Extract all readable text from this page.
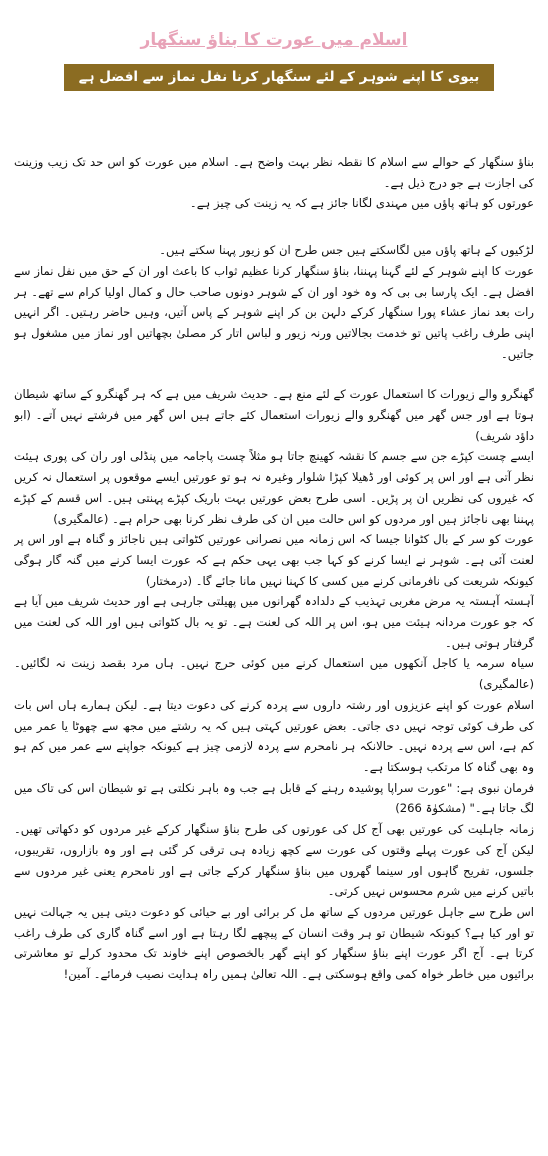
اسلام میں عورت کا بناؤ سنگھار
بیوی کا اپنے شوہر کے لئے سنگھار کرنا نفل نماز سے افضل ہے

بناؤ سنگھار کے حوالے سے اسلام کا نقطہ نظر بہت واضح ہے۔ اسلام میں عورت کو اس حد تک زیب وزینت کی اجازت ہے جو درج ذیل ہے۔

عورتوں کو ہاتھ پاؤں میں مہندی لگانا جائز ہے کہ یہ زینت کی چیز ہے۔

لڑکیوں کے ہاتھ پاؤں میں لگاسکتے ہیں جس طرح ان کو زیور پہنا سکتے ہیں۔

عورت کا اپنے شوہر کے لئے گہنا پہننا، بناؤ سنگھار کرنا عظیم ثواب کا باعث اور ان کے حق میں نفل نماز سے افضل ہے۔ ایک پارسا بی بی کہ وہ خود اور ان کے شوہر دونوں صاحب حال و کمال اولیا کرام سے تھے۔ ہر رات بعد نماز عشاء پورا سنگھار کرکے دلہن بن کر اپنے شوہر کے پاس آتیں، وہیں حاضر رہتیں۔ اگر انہیں اپنی طرف راغب پاتیں تو خدمت بجالاتیں ورنہ زیور و لباس اتار کر مصلیٰ بچھاتیں اور نماز میں مشغول ہو جاتیں۔

گھنگرو والے زیورات کا استعمال عورت کے لئے منع ہے۔ حدیث شریف میں ہے کہ ہر گھنگرو کے ساتھ شیطان ہوتا ہے اور جس گھر میں گھنگرو والے زیورات استعمال کئے جاتے ہیں اس گھر میں فرشتے نہیں آتے۔ (ابو داؤد شریف)

ایسے چست کپڑے جن سے جسم کا نقشہ کھینچ جاتا ہو مثلاً چست پاجامہ میں پنڈلی اور ران کی پوری ہیئت نظر آتی ہے اور اس پر کوئی اور ڈھیلا کپڑا شلوار وغیرہ نہ ہو تو عورتیں ایسے موقعوں پر استعمال نہ کریں کہ غیروں کی نظریں ان پر پڑیں۔ اسی طرح بعض عورتیں بہت باریک کپڑے پہنتی ہیں۔ اس قسم کے کپڑے پہننا بھی ناجائز ہیں اور مردوں کو اس حالت میں ان کی طرف نظر کرنا بھی حرام ہے۔ (عالمگیری)

عورت کو سر کے بال کٹوانا جیسا کہ اس زمانہ میں نصرانی عورتیں کٹواتی ہیں ناجائز و گناہ ہے اور اس پر لعنت آئی ہے۔ شوہر نے ایسا کرنے کو کہا جب بھی یہی حکم ہے کہ عورت ایسا کرنے میں گنہ گار ہوگی کیونکہ شریعت کی نافرمانی کرنے میں کسی کا کہنا نہیں مانا جائے گا۔ (درمختار)

آہستہ آہستہ یہ مرض مغربی تہذیب کے دلدادہ گھرانوں میں پھیلتی جارہی ہے اور حدیث شریف میں آیا ہے کہ جو عورت مردانہ ہیئت میں ہو، اس پر اللہ کی لعنت ہے۔ تو یہ بال کٹواتی ہیں اور اللہ کی لعنت میں گرفتار ہوتی ہیں۔

سیاہ سرمہ یا کاجل آنکھوں میں استعمال کرنے میں کوئی حرج نہیں۔ ہاں مرد بقصد زینت نہ لگائیں۔ (عالمگیری)

اسلام عورت کو اپنے عزیزوں اور رشتہ داروں سے پردہ کرنے کی دعوت دیتا ہے۔ لیکن ہمارے ہاں اس بات کی طرف کوئی توجہ نہیں دی جاتی۔ بعض عورتیں کہتی ہیں کہ یہ رشتے میں مجھ سے چھوٹا یا عمر میں کم ہے، اس سے پردہ نہیں۔ حالانکہ ہر نامحرم سے پردہ لازمی چیز ہے کیونکہ جواپنے سے عمر میں کم ہو وہ بھی گناہ کا مرتکب ہوسکتا ہے۔

فرمان نبوی ہے: "عورت سراپا پوشیدہ رہنے کے قابل ہے جب وہ باہر نکلتی ہے تو شیطان اس کی تاک میں لگ جاتا ہے۔" (مشکوٰۃ 266)

زمانہ جاہلیت کی عورتیں بھی آج کل کی عورتوں کی طرح بناؤ سنگھار کرکے غیر مردوں کو دکھاتی تھیں۔ لیکن آج کی عورت پہلے وقتوں کی عورت سے کچھ زیادہ ہی ترقی کر گئی ہے اور وہ بازاروں، تقریبوں، جلسوں، تفریح گاہوں اور سینما گھروں میں بناؤ سنگھار کرکے جاتی ہے اور نامحرم یعنی غیر مردوں سے باتیں کرنے میں شرم محسوس نہیں کرتی۔

اس طرح سے جاہل عورتیں مردوں کے ساتھ مل کر برائی اور بے حیائی کو دعوت دیتی ہیں یہ جہالت نہیں تو اور کیا ہے؟ کیونکہ شیطان تو ہر وقت انسان کے پیچھے لگا رہتا ہے اور اسے گناہ گاری کی طرف راغب کرتا ہے۔ آج اگر عورت اپنے بناؤ سنگھار کو اپنے گھر بالخصوص اپنے خاوند تک محدود کرلے تو معاشرتی برائیوں میں خاطر خواہ کمی واقع ہوسکتی ہے۔ اللہ تعالیٰ ہمیں راہ ہدایت نصیب فرمائے۔ آمین!
